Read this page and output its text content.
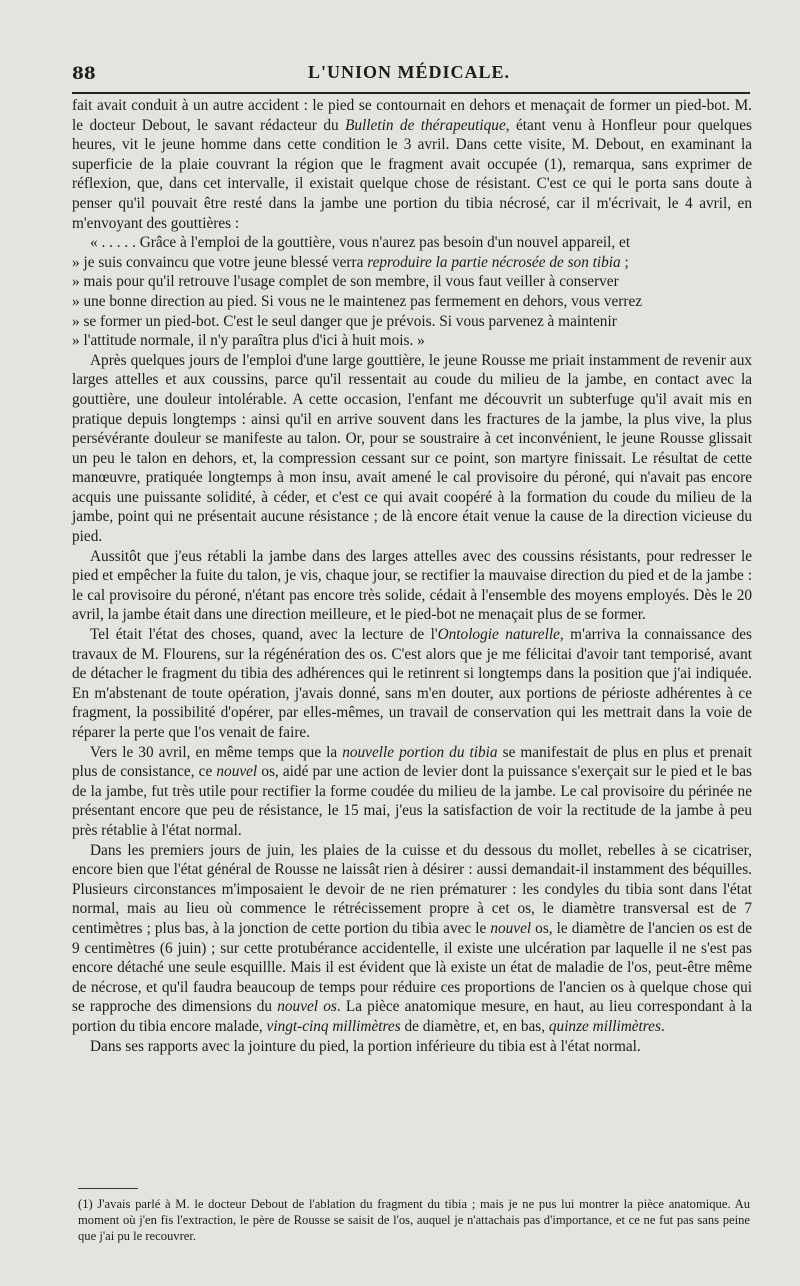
88	L'UNION MÉDICALE.

fait avait conduit à un autre accident : le pied se contournait en dehors et menaçait de former un pied-bot. M. le docteur Debout, le savant rédacteur du Bulletin de thérapeutique, étant venu à Honfleur pour quelques heures, vit le jeune homme dans cette condition le 3 avril. Dans cette visite, M. Debout, en examinant la superficie de la plaie couvrant la région que le fragment avait occupée (1), remarqua, sans exprimer de réflexion, que, dans cet intervalle, il existait quelque chose de résistant. C'est ce qui le porta sans doute à penser qu'il pouvait être resté dans la jambe une portion du tibia nécrosé, car il m'écrivait, le 4 avril, en m'envoyant des gouttières :

« . . . . . Grâce à l'emploi de la gouttière, vous n'aurez pas besoin d'un nouvel appareil, et
» je suis convaincu que votre jeune blessé verra reproduire la partie nécrosée de son tibia ;
» mais pour qu'il retrouve l'usage complet de son membre, il vous faut veiller à conserver
» une bonne direction au pied. Si vous ne le maintenez pas fermement en dehors, vous verrez
» se former un pied-bot. C'est le seul danger que je prévois. Si vous parvenez à maintenir
» l'attitude normale, il n'y paraîtra plus d'ici à huit mois. »

Après quelques jours de l'emploi d'une large gouttière, le jeune Rousse me priait instamment de revenir aux larges attelles et aux coussins, parce qu'il ressentait au coude du milieu de la jambe, en contact avec la gouttière, une douleur intolérable. A cette occasion, l'enfant me découvrit un subterfuge qu'il avait mis en pratique depuis longtemps : ainsi qu'il en arrive souvent dans les fractures de la jambe, la plus vive, la plus persévérante douleur se manifeste au talon. Or, pour se soustraire à cet inconvénient, le jeune Rousse glissait un peu le talon en dehors, et, la compression cessant sur ce point, son martyre finissait. Le résultat de cette manœuvre, pratiquée longtemps à mon insu, avait amené le cal provisoire du péroné, qui n'avait pas encore acquis une puissante solidité, à céder, et c'est ce qui avait coopéré à la formation du coude du milieu de la jambe, point qui ne présentait aucune résistance ; de là encore était venue la cause de la direction vicieuse du pied.

Aussitôt que j'eus rétabli la jambe dans des larges attelles avec des coussins résistants, pour redresser le pied et empêcher la fuite du talon, je vis, chaque jour, se rectifier la mauvaise direction du pied et de la jambe : le cal provisoire du péroné, n'étant pas encore très solide, cédait à l'ensemble des moyens employés. Dès le 20 avril, la jambe était dans une direction meilleure, et le pied-bot ne menaçait plus de se former.

Tel était l'état des choses, quand, avec la lecture de l'Ontologie naturelle, m'arriva la connaissance des travaux de M. Flourens, sur la régénération des os. C'est alors que je me félicitai d'avoir tant temporisé, avant de détacher le fragment du tibia des adhérences qui le retinrent si longtemps dans la position que j'ai indiquée. En m'abstenant de toute opération, j'avais donné, sans m'en douter, aux portions de périoste adhérentes à ce fragment, la possibilité d'opérer, par elles-mêmes, un travail de conservation qui les mettrait dans la voie de réparer la perte que l'os venait de faire.

Vers le 30 avril, en même temps que la nouvelle portion du tibia se manifestait de plus en plus et prenait plus de consistance, ce nouvel os, aidé par une action de levier dont la puissance s'exerçait sur le pied et le bas de la jambe, fut très utile pour rectifier la forme coudée du milieu de la jambe. Le cal provisoire du périnée ne présentant encore que peu de résistance, le 15 mai, j'eus la satisfaction de voir la rectitude de la jambe à peu près rétablie à l'état normal.

Dans les premiers jours de juin, les plaies de la cuisse et du dessous du mollet, rebelles à se cicatriser, encore bien que l'état général de Rousse ne laissât rien à désirer : aussi demandait-il instamment des béquilles. Plusieurs circonstances m'imposaient le devoir de ne rien prématurer : les condyles du tibia sont dans l'état normal, mais au lieu où commence le rétrécissement propre à cet os, le diamètre transversal est de 7 centimètres ; plus bas, à la jonction de cette portion du tibia avec le nouvel os, le diamètre de l'ancien os est de 9 centimètres (6 juin) ; sur cette protubérance accidentelle, il existe une ulcération par laquelle il ne s'est pas encore détaché une seule esquillle. Mais il est évident que là existe un état de maladie de l'os, peut-être même de nécrose, et qu'il faudra beaucoup de temps pour réduire ces proportions de l'ancien os à quelque chose qui se rapproche des dimensions du nouvel os. La pièce anatomique mesure, en haut, au lieu correspondant à la portion du tibia encore malade, vingt-cinq millimètres de diamètre, et, en bas, quinze millimètres.

Dans ses rapports avec la jointure du pied, la portion inférieure du tibia est à l'état normal.

(1) J'avais parlé à M. le docteur Debout de l'ablation du fragment du tibia ; mais je ne pus lui montrer la pièce anatomique. Au moment où j'en fis l'extraction, le père de Rousse se saisit de l'os, auquel je n'attachais pas d'importance, et ce ne fut pas sans peine que j'ai pu le recouvrer.
